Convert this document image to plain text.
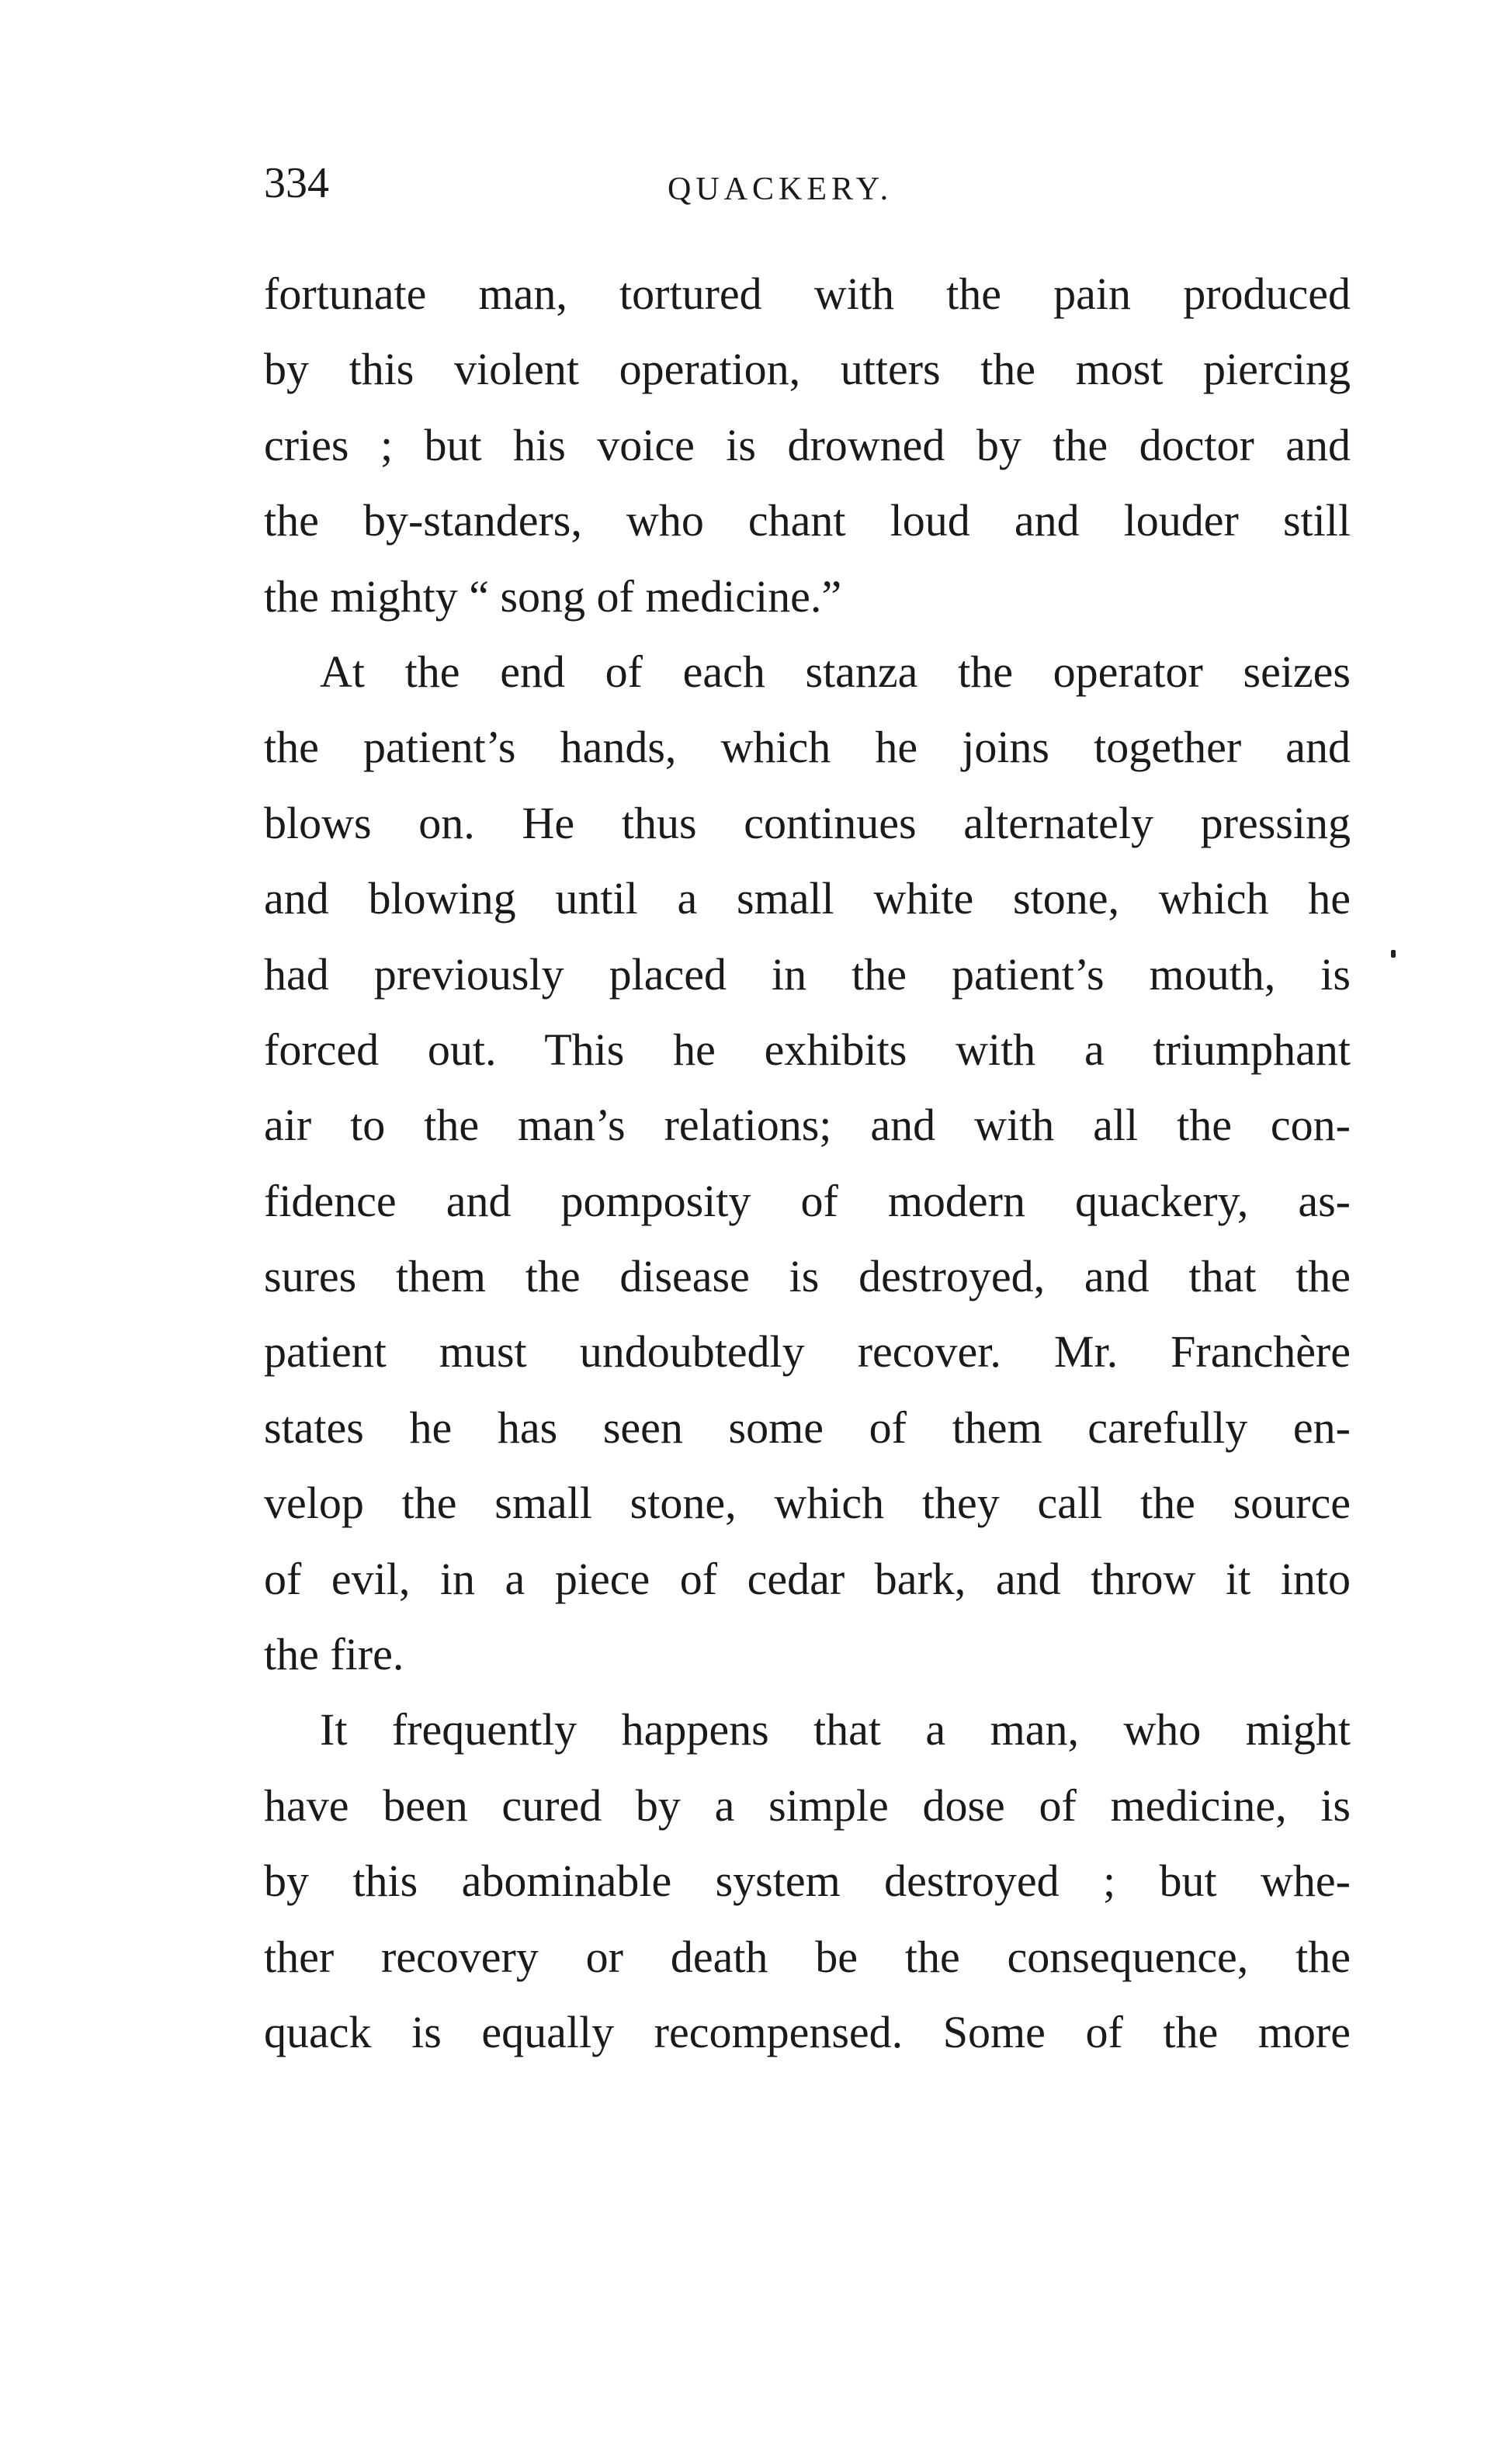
334	QUACKERY.
fortunate man, tortured with the pain produced
by this violent operation, utters the most piercing
cries ; but his voice is drowned by the doctor and
the by-standers, who chant loud and louder still
the mighty “ song of medicine.”
At the end of each stanza the operator seizes
the patient’s hands, which he joins together and
blows on. He thus continues alternately pressing
and blowing until a small white stone, which he
had previously placed in the patient’s mouth, is
forced out. This he exhibits with a triumphant
air to the man’s relations; and with all the con-
fidence and pomposity of modern quackery, as-
sures them the disease is destroyed, and that the
patient must undoubtedly recover. Mr. Franchère
states he has seen some of them carefully en-
velop the small stone, which they call the source
of evil, in a piece of cedar bark, and throw it into
the fire.
It frequently happens that a man, who might
have been cured by a simple dose of medicine, is
by this abominable system destroyed ; but whe-
ther recovery or death be the consequence, the
quack is equally recompensed. Some of the more
